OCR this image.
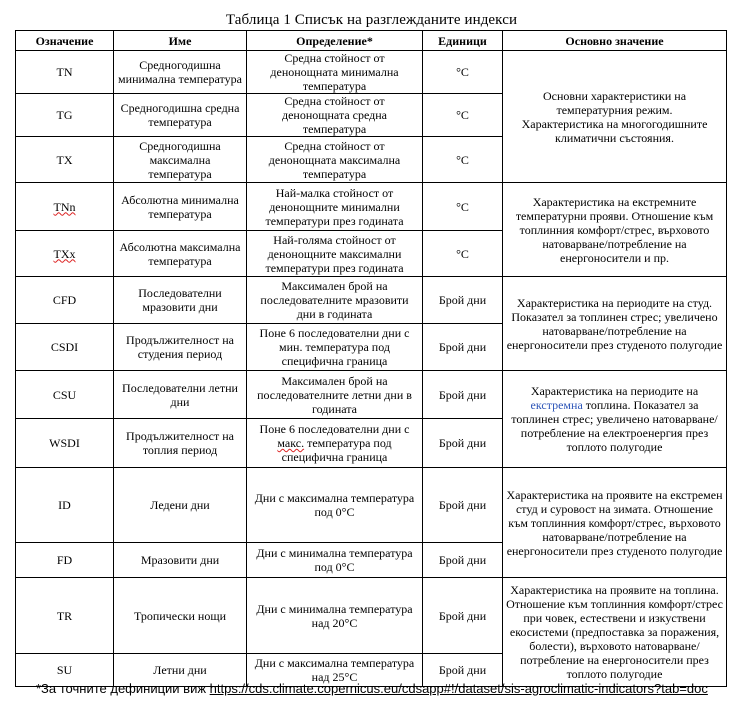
Таблица 1 Списък на разглежданите индекси
Означение	Име	Определение*	Единици	Основно значение
TN	Средногодишна минимална температура	Средна стойност от денонощната минимална температура	°C	Основни характеристики на температурния режим. Характеристика на многогодишните климатични състояния.
TG	Средногодишна средна температура	Средна стойност от денонощната средна температура	°C	
TX	Средногодишна максимална температура	Средна стойност от денонощната максимална температура	°C	
TNn	Абсолютна минимална температура	Най-малка стойност от денонощните минимални температури през годината	°C	Характеристика на екстремните температурни прояви. Отношение към топлинния комфорт/стрес, върховото натоварване/потребление на енергоносители и пр.
TXx	Абсолютна максимална температура	Най-голяма стойност от денонощните максимални температури през годината	°C	
CFD	Последователни мразовити дни	Максимален брой на последователните мразовити дни в годината	Брой дни	Характеристика на периодите на студ. Показател за топлинен стрес; увеличено натоварване/потребление на енергоносители през студеното полугодие
CSDI	Продължителност на студения период	Поне 6 последователни дни с мин. температура под специфична граница	Брой дни	
CSU	Последователни летни дни	Максимален брой на последователните летни дни в годината	Брой дни	Характеристика на периодите на екстремна топлина. Показател за топлинен стрес; увеличено натоварване/потребление на електроенергия през топлото полугодие
WSDI	Продължителност на топлия период	Поне 6 последователни дни с макс. температура под специфична граница	Брой дни	
ID	Ледени дни	Дни с максимална температура под 0°C	Брой дни	Характеристика на проявите на екстремен студ и суровост на зимата. Отношение към топлинния комфорт/стрес, върховото натоварване/потребление на енергоносители през студеното полугодие
FD	Мразовити дни	Дни с минимална температура под 0°C	Брой дни	
TR	Тропически нощи	Дни с минимална температура над 20°C	Брой дни	Характеристика на проявите на топлина. Отношение към топлинния комфорт/стрес при човек, естествени и изкуствени екосистеми (предпоставка за поражения, болести), върховото натоварване/потребление на енергоносители през топлото полугодие
SU	Летни дни	Дни с максимална температура над 25°C	Брой дни	
*За точните дефиниции виж https://cds.climate.copernicus.eu/cdsapp#!/dataset/sis-agroclimatic-indicators?tab=doc
